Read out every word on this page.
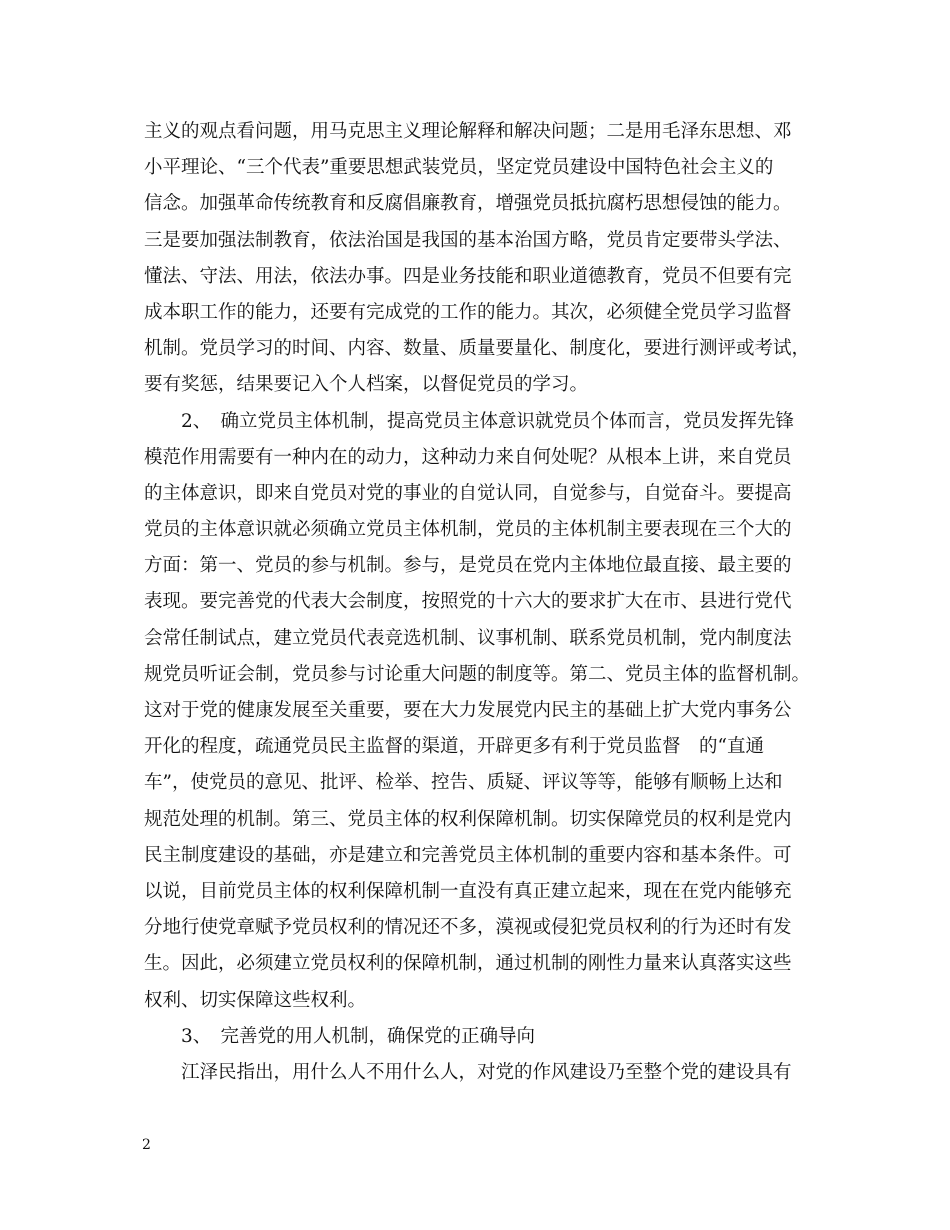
主义的观点看问题，用马克思主义理论解释和解决问题；二是用毛泽东思想、邓
小平理论、“三个代表”重要思想武装党员，坚定党员建设中国特色社会主义的
信念。加强革命传统教育和反腐倡廉教育，增强党员抵抗腐朽思想侵蚀的能力。
三是要加强法制教育，依法治国是我国的基本治国方略，党员肯定要带头学法、
懂法、守法、用法，依法办事。四是业务技能和职业道德教育，党员不但要有完
成本职工作的能力，还要有完成党的工作的能力。其次，必须健全党员学习监督
机制。党员学习的时间、内容、数量、质量要量化、制度化，要进行测评或考试，
要有奖惩，结果要记入个人档案，以督促党员的学习。
2、　确立党员主体机制，提高党员主体意识就党员个体而言，党员发挥先锋
模范作用需要有一种内在的动力，这种动力来自何处呢？从根本上讲，来自党员
的主体意识，即来自党员对党的事业的自觉认同，自觉参与，自觉奋斗。要提高
党员的主体意识就必须确立党员主体机制，党员的主体机制主要表现在三个大的
方面：第一、党员的参与机制。参与，是党员在党内主体地位最直接、最主要的
表现。要完善党的代表大会制度，按照党的十六大的要求扩大在市、县进行党代
会常任制试点，建立党员代表竞选机制、议事机制、联系党员机制，党内制度法
规党员听证会制，党员参与讨论重大问题的制度等。第二、党员主体的监督机制。
这对于党的健康发展至关重要，要在大力发展党内民主的基础上扩大党内事务公
开化的程度，疏通党员民主监督的渠道，开辟更多有利于党员监督　的“直通
车”，使党员的意见、批评、检举、控告、质疑、评议等等，能够有顺畅上达和
规范处理的机制。第三、党员主体的权利保障机制。切实保障党员的权利是党内
民主制度建设的基础，亦是建立和完善党员主体机制的重要内容和基本条件。可
以说，目前党员主体的权利保障机制一直没有真正建立起来，现在在党内能够充
分地行使党章赋予党员权利的情况还不多，漠视或侵犯党员权利的行为还时有发
生。因此，必须建立党员权利的保障机制，通过机制的刚性力量来认真落实这些
权利、切实保障这些权利。
3、　完善党的用人机制，确保党的正确导向
江泽民指出，用什么人不用什么人，对党的作风建设乃至整个党的建设具有
2
